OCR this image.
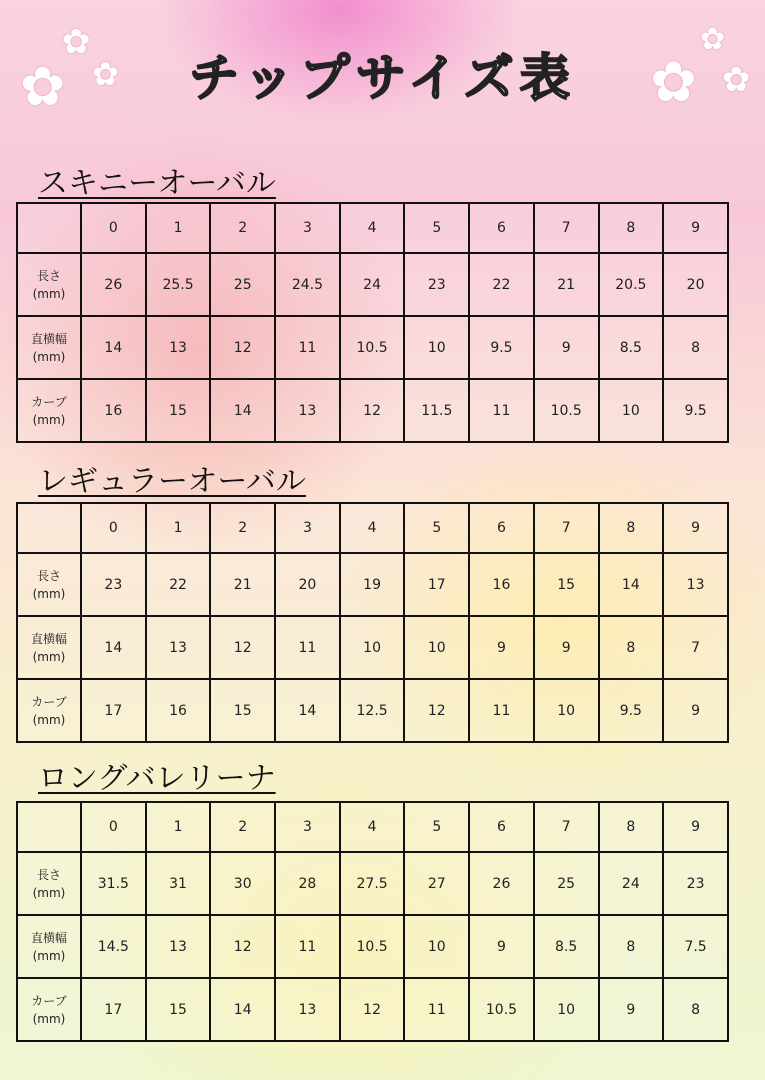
✿
✿
✿	✿
✿
✿
チップサイズ表
スキニーオーバル
	0	1	2	3	4	5	6	7	8	9
長さ
(mm)	26	25.5	25	24.5	24	23	22	21	20.5	20
直横幅
(mm)	14	13	12	11	10.5	10	9.5	9	8.5	8
カーブ
(mm)	16	15	14	13	12	11.5	11	10.5	10	9.5
レギュラーオーバル
	0	1	2	3	4	5	6	7	8	9
長さ
(mm)	23	22	21	20	19	17	16	15	14	13
直横幅
(mm)	14	13	12	11	10	10	9	9	8	7
カーブ
(mm)	17	16	15	14	12.5	12	11	10	9.5	9
ロングバレリーナ
	0	1	2	3	4	5	6	7	8	9
長さ
(mm)	31.5	31	30	28	27.5	27	26	25	24	23
直横幅
(mm)	14.5	13	12	11	10.5	10	9	8.5	8	7.5
カーブ
(mm)	17	15	14	13	12	11	10.5	10	9	8
